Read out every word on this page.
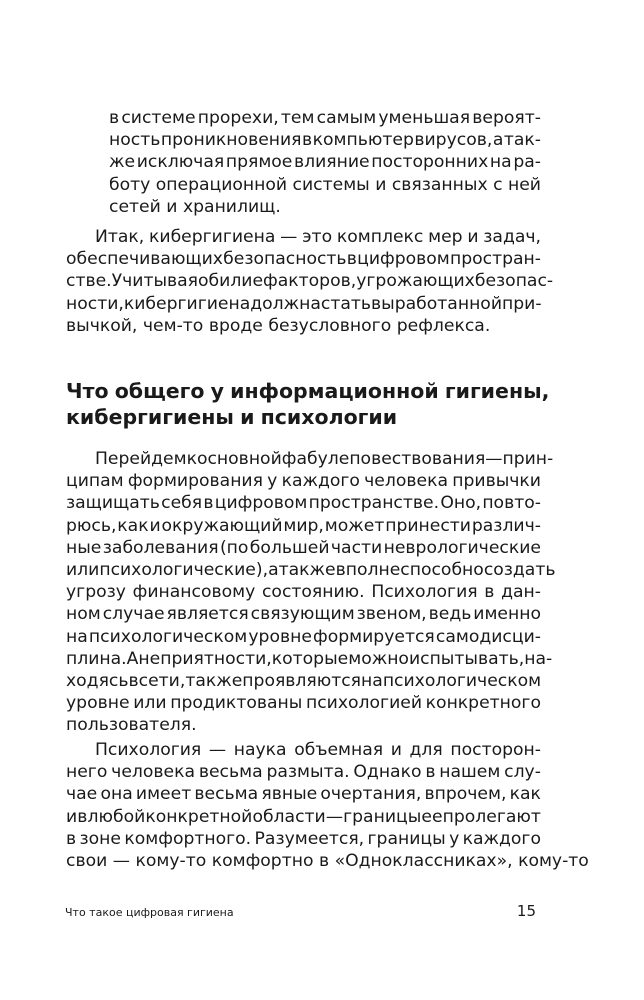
в системе прорехи, тем самым уменьшая вероят-
ность проникновения в компьютер вирусов, а так-
же исключая прямое влияние посторонних на ра-
боту операционной системы и связанных с ней
сетей и хранилищ.
Итак, кибергигиена — это комплекс мер и задач,
обеспечивающих безопасность в цифровом простран-
стве. Учитывая обилие факторов, угрожающих безопас-
ности, кибергигиена должна стать выработанной при-
вычкой, чем-то вроде безусловного рефлекса.
Что общего у информационной гигиены,
кибергигиены и психологии
Перейдем к основной фабуле повествования — прин-
ципам формирования у каждого человека привычки
защищать себя в цифровом пространстве. Оно, повто-
рюсь, как и окружающий мир, может принести различ-
ные заболевания (по большей части неврологические
или психологические), а также вполне способно создать
угрозу финансовому состоянию. Психология в дан-
ном случае является связующим звеном, ведь именно
на психологическом уровне формируется самодисци-
плина. А неприятности, которые можно испытывать, на-
ходясь в сети, также проявляются на психологическом
уровне или продиктованы психологией конкретного
пользователя.
Психология — наука объемная и для посторон-
него человека весьма размыта. Однако в нашем слу-
чае она имеет весьма явные очертания, впрочем, как
и в любой конкретной области — границы ее пролегают
в зоне комфортного. Разумеется, границы у каждого
свои — кому-то комфортно в «Одноклассниках», кому-то
Что такое цифровая гигиена	15
